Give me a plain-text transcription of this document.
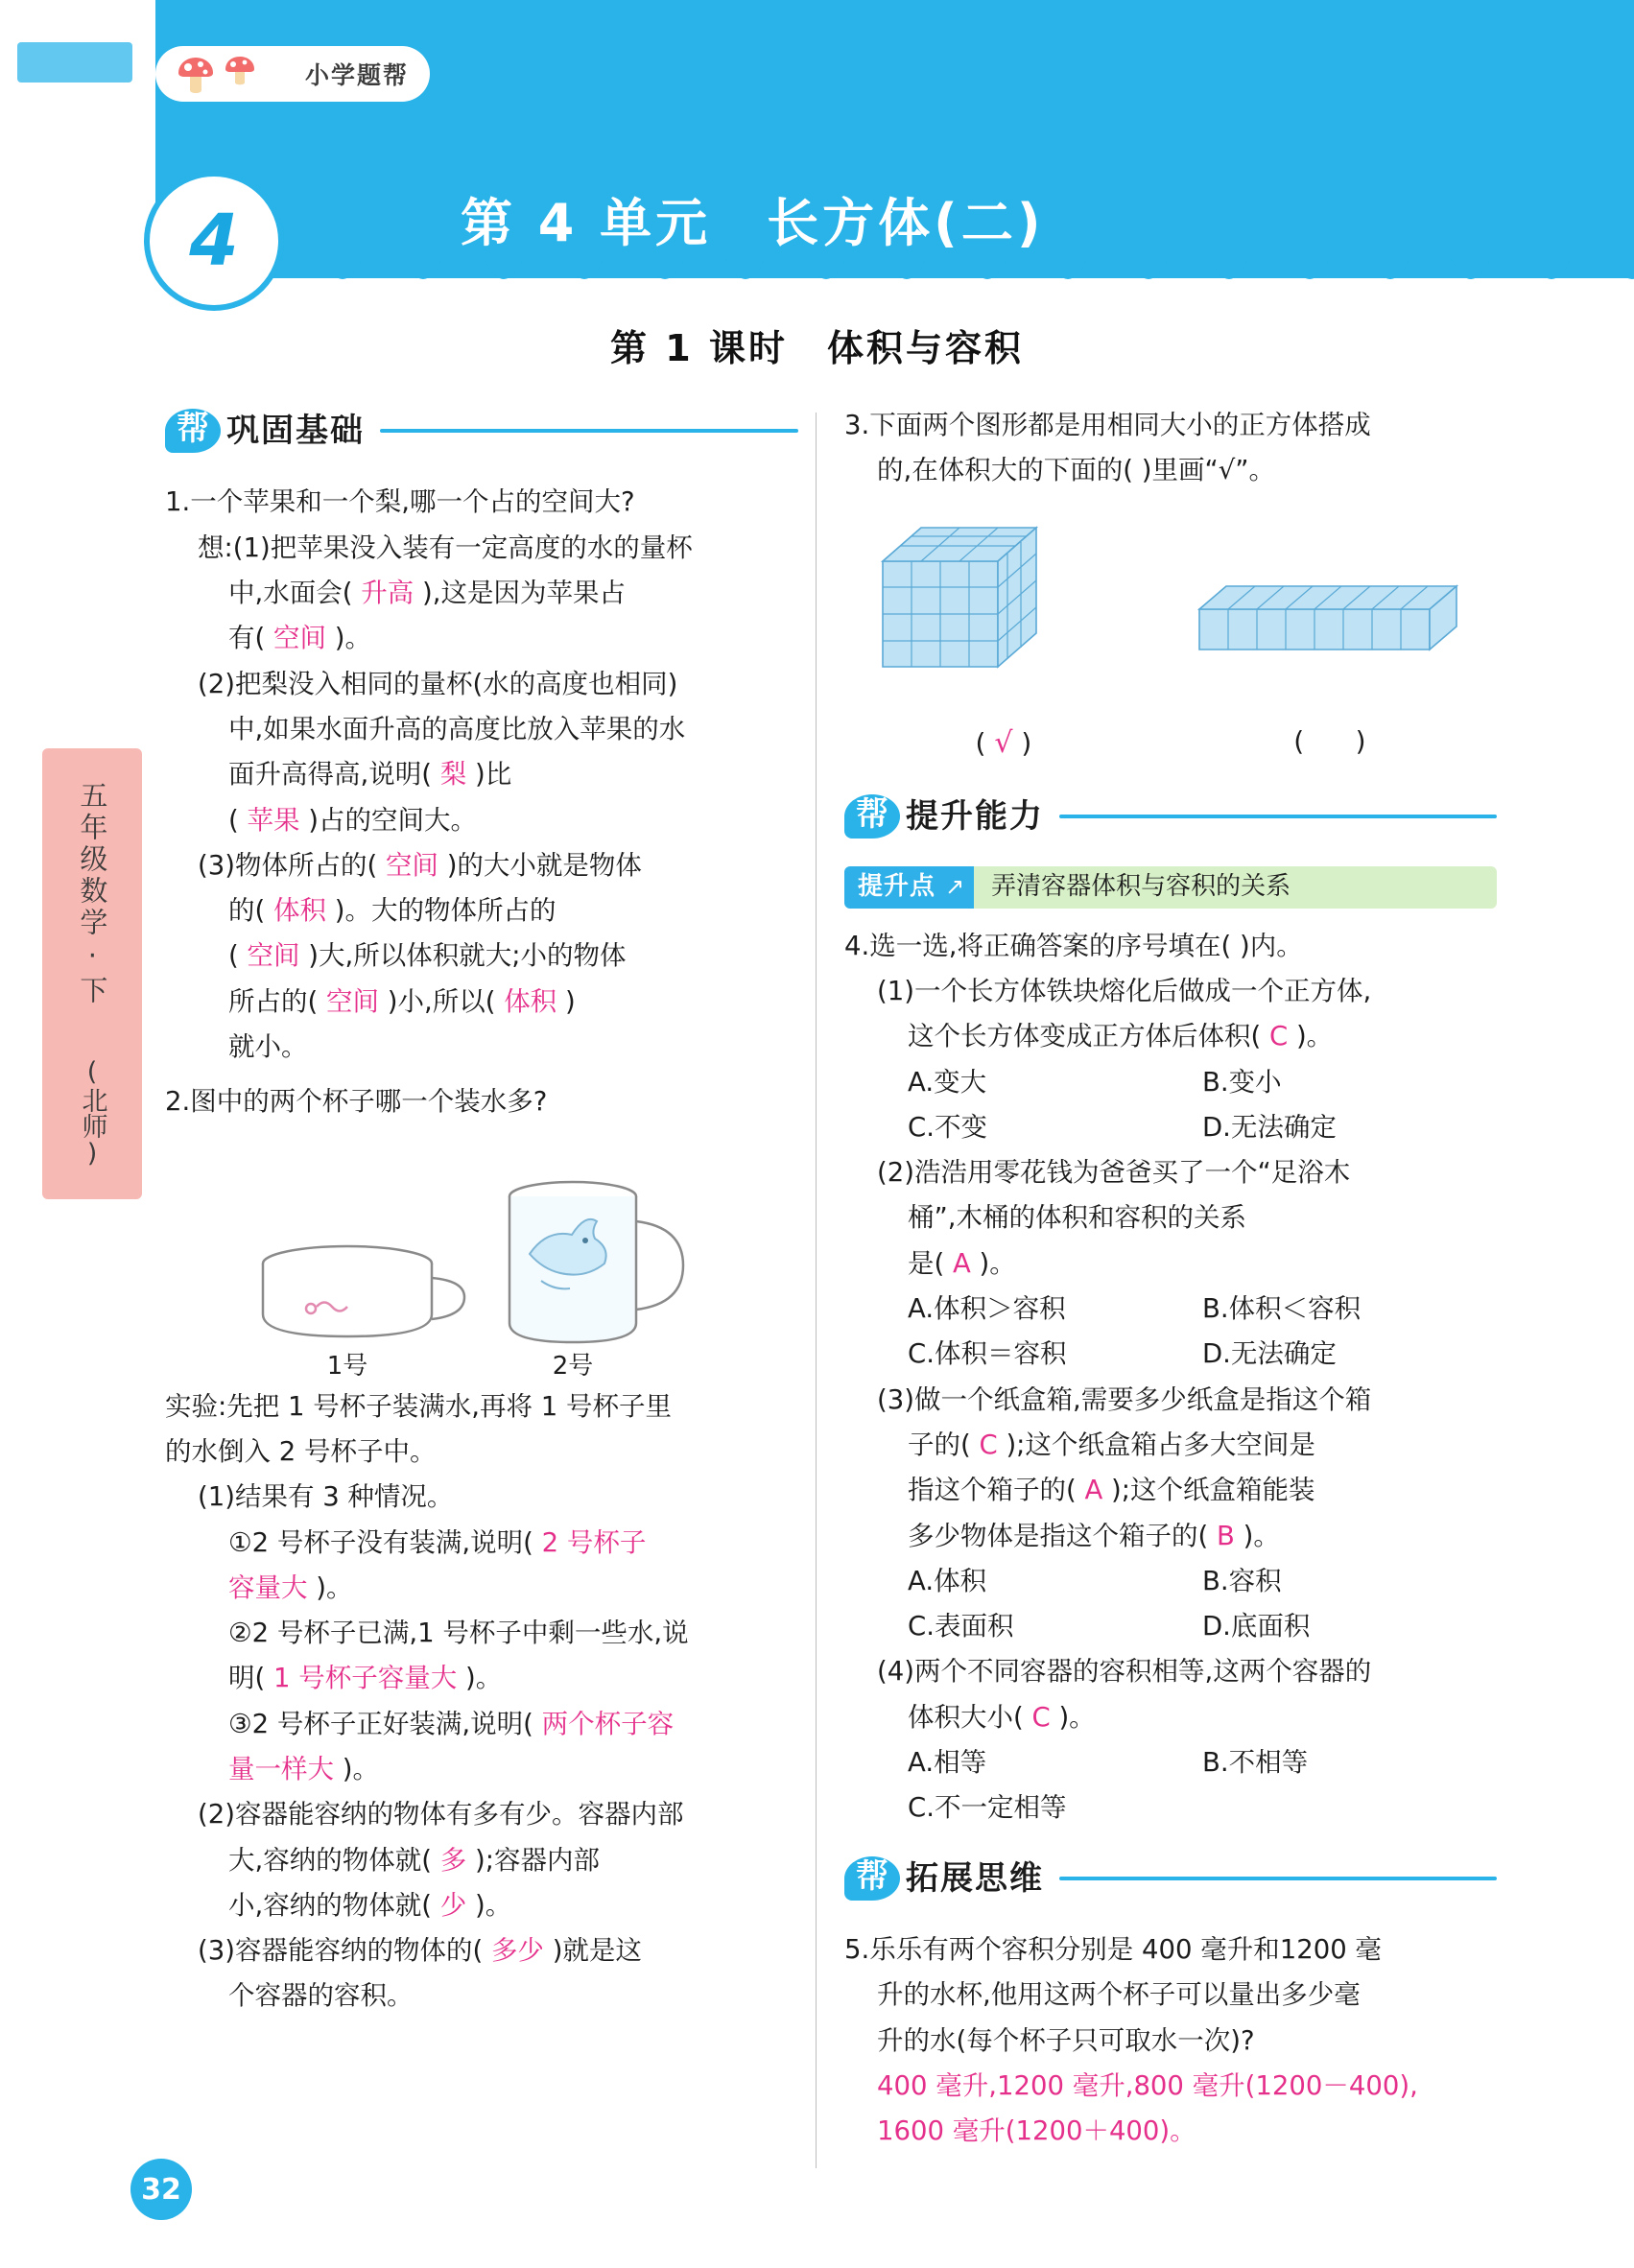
小学题帮
4	第 4 单元　长方体(二)
第 1 课时　体积与容积
五年级数学·下
(北师)
32
帮 巩固基础
1.一个苹果和一个梨,哪一个占的空间大?
想:(1)把苹果没入装有一定高度的水的量杯
中,水面会( 升高 ),这是因为苹果占
有( 空间 )。
(2)把梨没入相同的量杯(水的高度也相同)
中,如果水面升高的高度比放入苹果的水
面升高得高,说明( 梨 )比
( 苹果 )占的空间大。
(3)物体所占的( 空间 )的大小就是物体
的( 体积 )。大的物体所占的
( 空间 )大,所以体积就大;小的物体
所占的( 空间 )小,所以( 体积 )
就小。
2.图中的两个杯子哪一个装水多?
1号	2号
实验:先把 1 号杯子装满水,再将 1 号杯子里
的水倒入 2 号杯子中。
(1)结果有 3 种情况。
①2 号杯子没有装满,说明( 2 号杯子
容量大 )。
②2 号杯子已满,1 号杯子中剩一些水,说
明( 1 号杯子容量大 )。
③2 号杯子正好装满,说明( 两个杯子容
量一样大 )。
(2)容器能容纳的物体有多有少。容器内部
大,容纳的物体就( 多 );容器内部
小,容纳的物体就( 少 )。
(3)容器能容纳的物体的( 多少 )就是这
个容器的容积。
3.下面两个图形都是用相同大小的正方体搭成
的,在体积大的下面的( )里画“√”。
( √ )	( )
帮 提升能力
提升点 ↗	弄清容器体积与容积的关系
4.选一选,将正确答案的序号填在( )内。
(1)一个长方体铁块熔化后做成一个正方体,
这个长方体变成正方体后体积( C )。
A.变大	B.变小
C.不变	D.无法确定
(2)浩浩用零花钱为爸爸买了一个“足浴木
桶”,木桶的体积和容积的关系
是( A )。
A.体积＞容积	B.体积＜容积
C.体积＝容积	D.无法确定
(3)做一个纸盒箱,需要多少纸盒是指这个箱
子的( C );这个纸盒箱占多大空间是
指这个箱子的( A );这个纸盒箱能装
多少物体是指这个箱子的( B )。
A.体积	B.容积
C.表面积	D.底面积
(4)两个不同容器的容积相等,这两个容器的
体积大小( C )。
A.相等	B.不相等
C.不一定相等
帮 拓展思维
5.乐乐有两个容积分别是 400 毫升和1200 毫
升的水杯,他用这两个杯子可以量出多少毫
升的水(每个杯子只可取水一次)?
400 毫升,1200 毫升,800 毫升(1200－400),
1600 毫升(1200＋400)。
